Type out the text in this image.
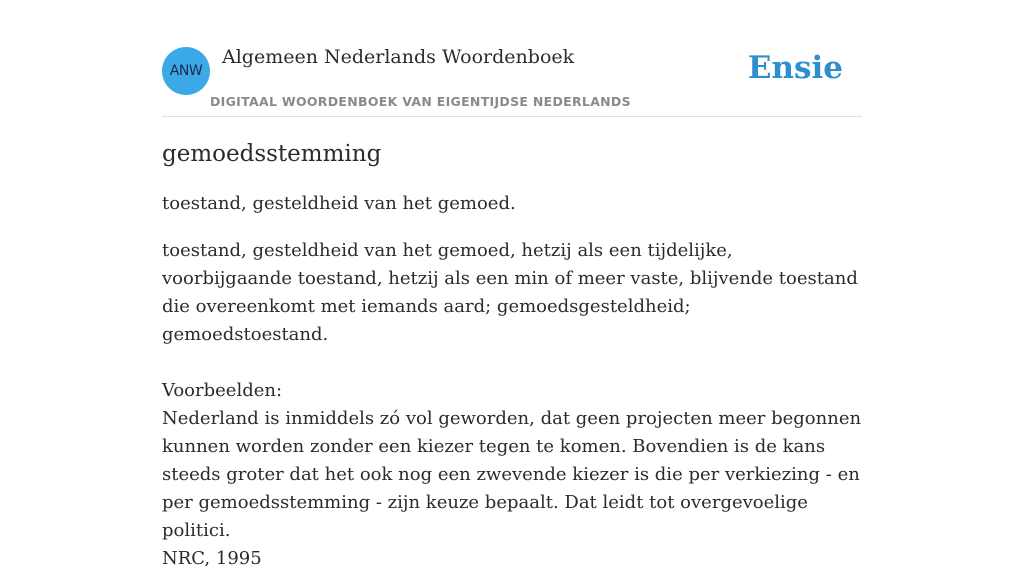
ANW
Algemeen Nederlands Woordenboek
DIGITAAL WOORDENBOEK VAN EIGENTIJDSE NEDERLANDS
Ensie
gemoedsstemming

toestand, gesteldheid van het gemoed.

toestand, gesteldheid van het gemoed, hetzij als een tijdelijke, voorbijgaande toestand, hetzij als een min of meer vaste, blijvende toestand die overeenkomt met iemands aard; gemoedsgesteldheid; gemoedstoestand.

Voorbeelden:

Nederland is inmiddels zó vol geworden, dat geen projecten meer begonnen kunnen worden zonder een kiezer tegen te komen. Bovendien is de kans steeds groter dat het ook nog een zwevende kiezer is die per verkiezing - en per gemoedsstemming - zijn keuze bepaalt. Dat leidt tot overgevoelige politici.

NRC, 1995
